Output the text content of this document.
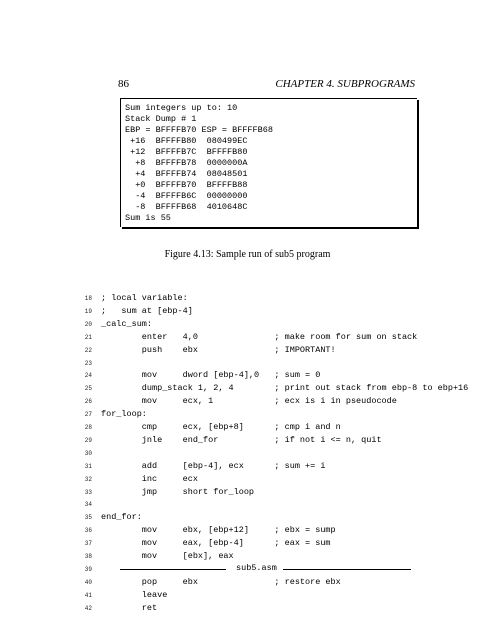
86	CHAPTER 4. SUBPROGRAMS
Sum integers up to: 10
Stack Dump # 1
EBP = BFFFFB70 ESP = BFFFFB68
+16  BFFFFB80  080499EC
+12  BFFFFB7C  BFFFFB80
+8  BFFFFB78  0000000A
+4  BFFFFB74  08048501
+0  BFFFFB70  BFFFFB88
-4  BFFFFB6C  00000000
-8  BFFFFB68  4010648C
Sum is 55
Figure 4.13: Sample run of sub5 program
18 ; local variable:
19 ;   sum at [ebp-4]
20 _calc_sum:
21 enter   4,0               ; make room for sum on stack
22 push    ebx               ; IMPORTANT!
23
24 mov     dword [ebp-4],0   ; sum = 0
25 dump_stack 1, 2, 4        ; print out stack from ebp-8 to ebp+16
26 mov     ecx, 1            ; ecx is i in pseudocode
27 for_loop:
28 cmp     ecx, [ebp+8]      ; cmp i and n
29 jnle    end_for           ; if not i <= n, quit
30
31 add     [ebp-4], ecx      ; sum += i
32 inc     ecx
33 jmp     short for_loop
34
35 end_for:
36 mov     ebx, [ebp+12]     ; ebx = sump
37 mov     eax, [ebp-4]      ; eax = sum
38 mov     [ebx], eax
39
40 pop     ebx               ; restore ebx
41 leave
42 ret
sub5.asm
